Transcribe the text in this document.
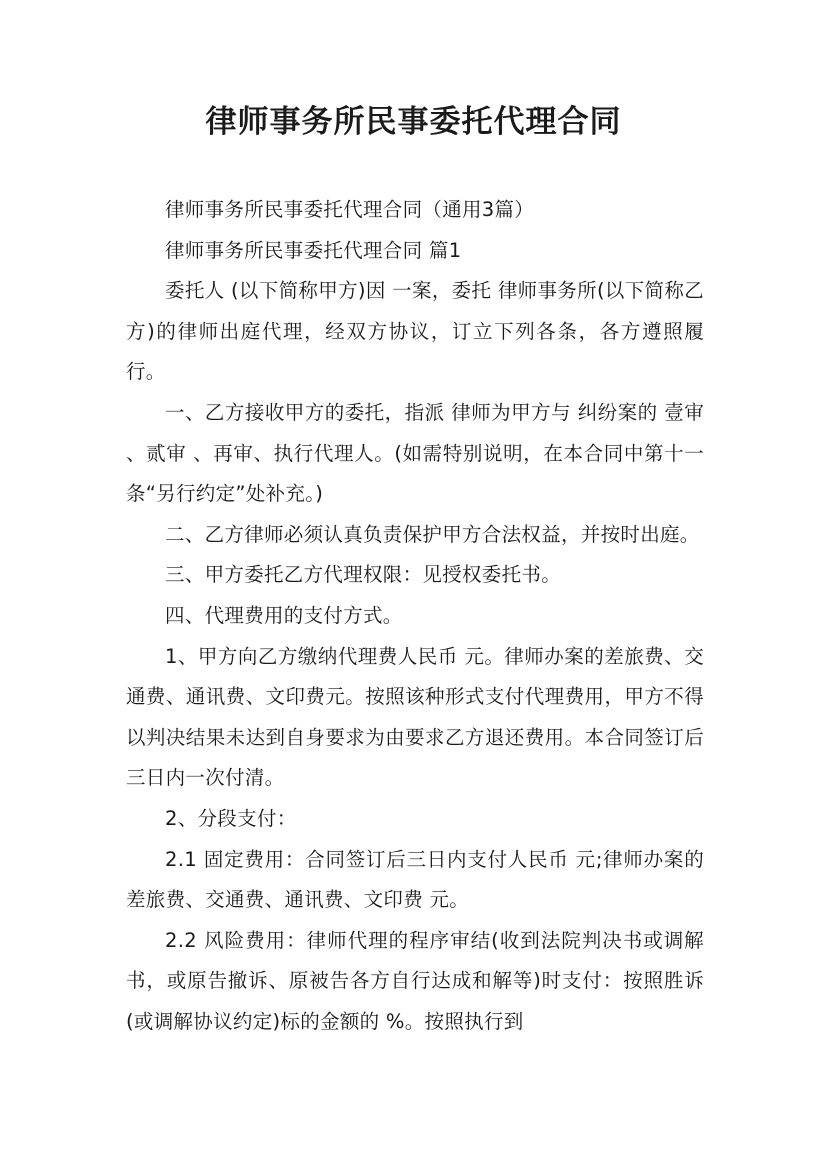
律师事务所民事委托代理合同

律师事务所民事委托代理合同（通用3篇）

律师事务所民事委托代理合同 篇1

委托人 (以下简称甲方)因 一案，委托 律师事务所(以下简称乙方)的律师出庭代理，经双方协议，订立下列各条，各方遵照履行。

一、乙方接收甲方的委托，指派 律师为甲方与 纠纷案的 壹审 、贰审 、再审、执行代理人。(如需特别说明，在本合同中第十一条“另行约定”处补充。)

二、乙方律师必须认真负责保护甲方合法权益，并按时出庭。

三、甲方委托乙方代理权限：见授权委托书。

四、代理费用的支付方式。

1、甲方向乙方缴纳代理费人民币 元。律师办案的差旅费、交通费、通讯费、文印费元。按照该种形式支付代理费用，甲方不得以判决结果未达到自身要求为由要求乙方退还费用。本合同签订后三日内一次付清。

2、分段支付：

2.1 固定费用：合同签订后三日内支付人民币 元;律师办案的差旅费、交通费、通讯费、文印费 元。

2.2 风险费用：律师代理的程序审结(收到法院判决书或调解书，或原告撤诉、原被告各方自行达成和解等)时支付：按照胜诉(或调解协议约定)标的金额的 %。按照执行到
